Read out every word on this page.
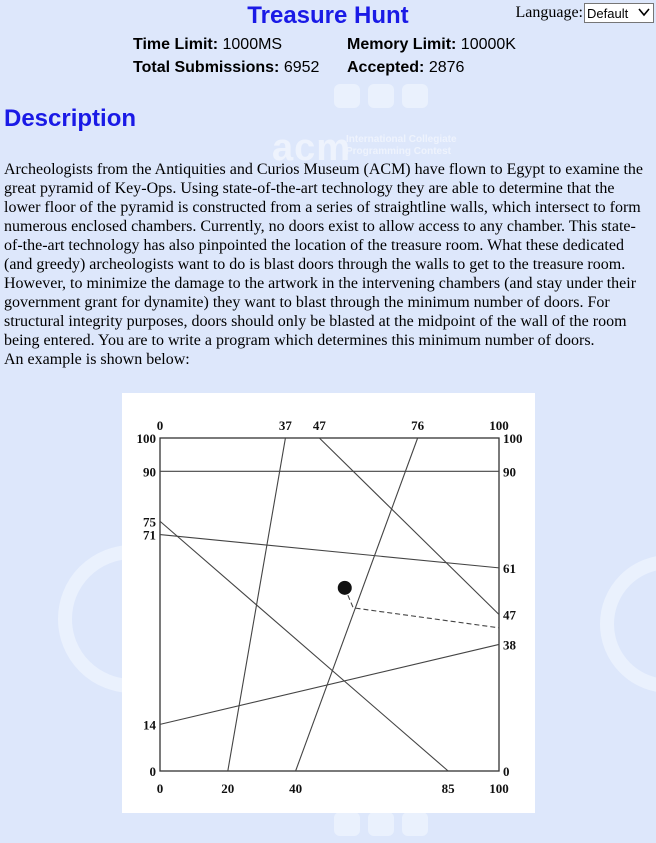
acm
International Collegiate
Programming Contest
Treasure Hunt	Language: Default
Time Limit: 1000MS	Memory Limit: 10000K
Total Submissions: 6952 Accepted: 2876
Description
Archeologists from the Antiquities and Curios Museum (ACM) have flown to Egypt to examine the great pyramid of Key-Ops. Using state-of-the-art technology they are able to determine that the lower floor of the pyramid is constructed from a series of straightline walls, which intersect to form numerous enclosed chambers. Currently, no doors exist to allow access to any chamber. This state-of-the-art technology has also pinpointed the location of the treasure room. What these dedicated (and greedy) archeologists want to do is blast doors through the walls to get to the treasure room. However, to minimize the damage to the artwork in the intervening chambers (and stay under their government grant for dynamite) they want to blast through the minimum number of doors. For structural integrity purposes, doors should only be blasted at the midpoint of the wall of the room being entered. You are to write a program which determines this minimum number of doors.
An example is shown below:
0	37 47	76	100
0	20	40	85	100
100
90
75
71
14
0
100
90
61
47
38
0
